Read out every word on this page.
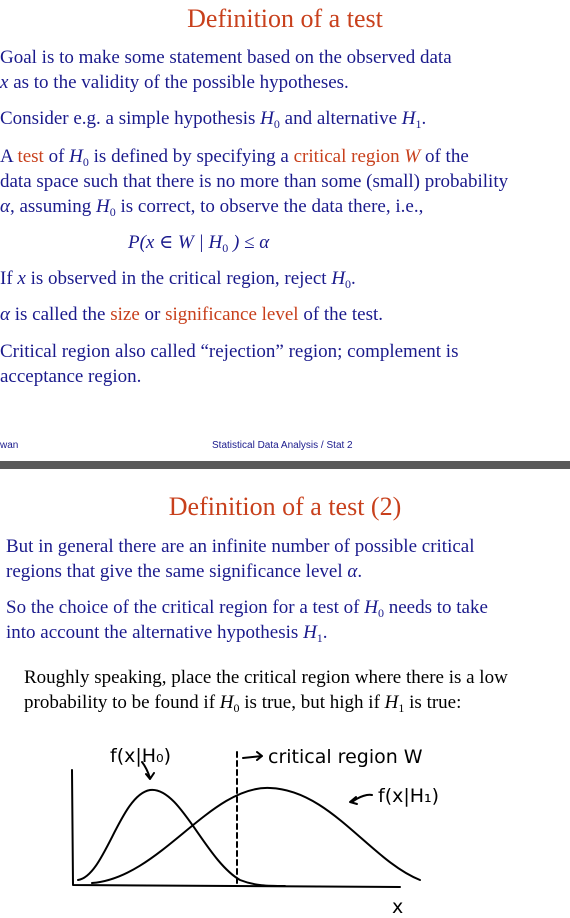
Definition of a test
Goal is to make some statement based on the observed data
x as to the validity of the possible hypotheses.
Consider e.g. a simple hypothesis $H_0$ and alternative $H_1$.
A test of $H_0$ is defined by specifying a critical region W of the
data space such that there is no more than some (small) probability
α, assuming $H_0$ is correct, to observe the data there, i.e.,
P(x ∈ W | $H_0$ ) ≤ α
If x is observed in the critical region, reject $H_0$.
α is called the size or significance level of the test.
Critical region also called “rejection” region; complement is
acceptance region.
wan	Statistical Data Analysis / Stat 2
Definition of a test (2)
But in general there are an infinite number of possible critical
regions that give the same significance level α.
So the choice of the critical region for a test of $H_0$ needs to take
into account the alternative hypothesis $H_1$.
Roughly speaking, place the critical region where there is a low
probability to be found if $H_0$ is true, but high if $H_1$ is true:
f(x|H₀)	critical region W
f(x|H₁)
x
